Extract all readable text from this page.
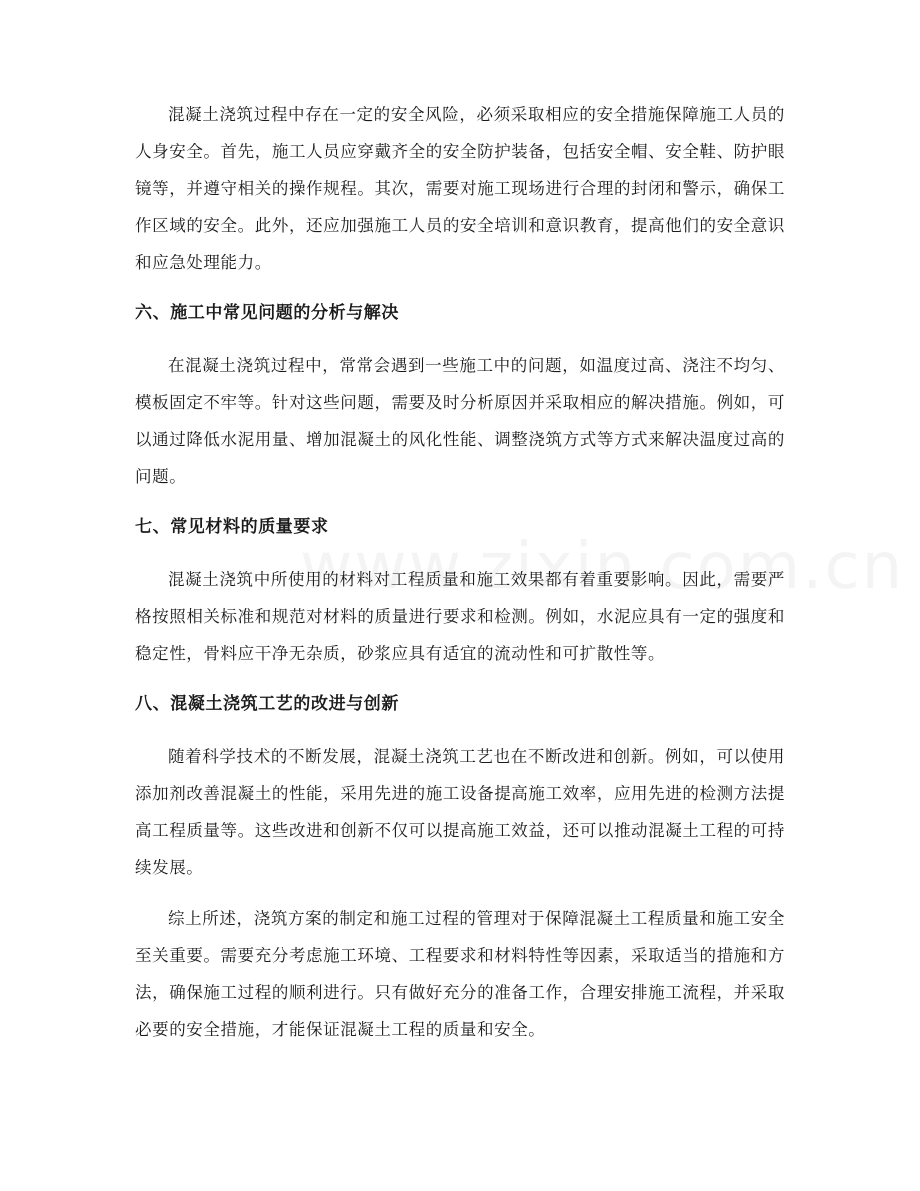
混凝土浇筑过程中存在一定的安全风险，必须采取相应的安全措施保障施工人员的人身安全。首先，施工人员应穿戴齐全的安全防护装备，包括安全帽、安全鞋、防护眼镜等，并遵守相关的操作规程。其次，需要对施工现场进行合理的封闭和警示，确保工作区域的安全。此外，还应加强施工人员的安全培训和意识教育，提高他们的安全意识和应急处理能力。

六、施工中常见问题的分析与解决

在混凝土浇筑过程中，常常会遇到一些施工中的问题，如温度过高、浇注不均匀、模板固定不牢等。针对这些问题，需要及时分析原因并采取相应的解决措施。例如，可以通过降低水泥用量、增加混凝土的风化性能、调整浇筑方式等方式来解决温度过高的问题。

七、常见材料的质量要求

混凝土浇筑中所使用的材料对工程质量和施工效果都有着重要影响。因此，需要严格按照相关标准和规范对材料的质量进行要求和检测。例如，水泥应具有一定的强度和稳定性，骨料应干净无杂质，砂浆应具有适宜的流动性和可扩散性等。

八、混凝土浇筑工艺的改进与创新

随着科学技术的不断发展，混凝土浇筑工艺也在不断改进和创新。例如，可以使用添加剂改善混凝土的性能，采用先进的施工设备提高施工效率，应用先进的检测方法提高工程质量等。这些改进和创新不仅可以提高施工效益，还可以推动混凝土工程的可持续发展。

综上所述，浇筑方案的制定和施工过程的管理对于保障混凝土工程质量和施工安全至关重要。需要充分考虑施工环境、工程要求和材料特性等因素，采取适当的措施和方法，确保施工过程的顺利进行。只有做好充分的准备工作，合理安排施工流程，并采取必要的安全措施，才能保证混凝土工程的质量和安全。
